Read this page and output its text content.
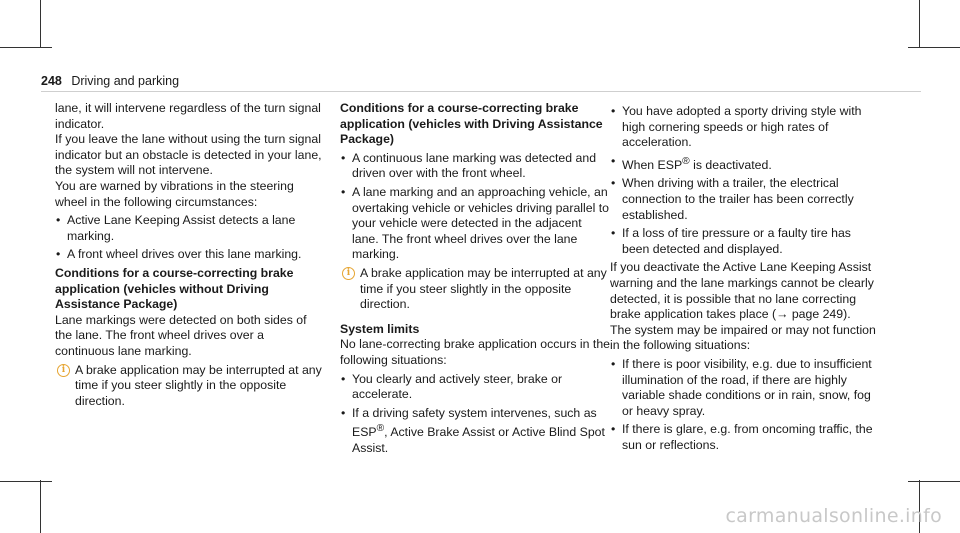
248 Driving and parking

lane, it will intervene regardless of the turn signal indicator.

If you leave the lane without using the turn signal indicator but an obstacle is detected in your lane, the system will not intervene.

You are warned by vibrations in the steering wheel in the following circumstances:

• Active Lane Keeping Assist detects a lane marking.
• A front wheel drives over this lane marking.

Conditions for a course-correcting brake application (vehicles without Driving Assistance Package)

Lane markings were detected on both sides of the lane. The front wheel drives over a continuous lane marking.

i A brake application may be interrupted at any time if you steer slightly in the opposite direction.

Conditions for a course-correcting brake application (vehicles with Driving Assistance Package)

• A continuous lane marking was detected and driven over with the front wheel.
• A lane marking and an approaching vehicle, an overtaking vehicle or vehicles driving parallel to your vehicle were detected in the adjacent lane. The front wheel drives over the lane marking.
i A brake application may be interrupted at any time if you steer slightly in the opposite direction.

System limits

No lane-correcting brake application occurs in the following situations:

• You clearly and actively steer, brake or accelerate.
• If a driving safety system intervenes, such as ESP®, Active Brake Assist or Active Blind Spot Assist.
• You have adopted a sporty driving style with high cornering speeds or high rates of acceleration.
• When ESP® is deactivated.
• When driving with a trailer, the electrical connection to the trailer has been correctly established.
• If a loss of tire pressure or a faulty tire has been detected and displayed.

If you deactivate the Active Lane Keeping Assist warning and the lane markings cannot be clearly detected, it is possible that no lane correcting brake application takes place (→ page 249).

The system may be impaired or may not function in the following situations:

• If there is poor visibility, e.g. due to insufficient illumination of the road, if there are highly variable shade conditions or in rain, snow, fog or heavy spray.
• If there is glare, e.g. from oncoming traffic, the sun or reflections.
carmanualsonline.info
